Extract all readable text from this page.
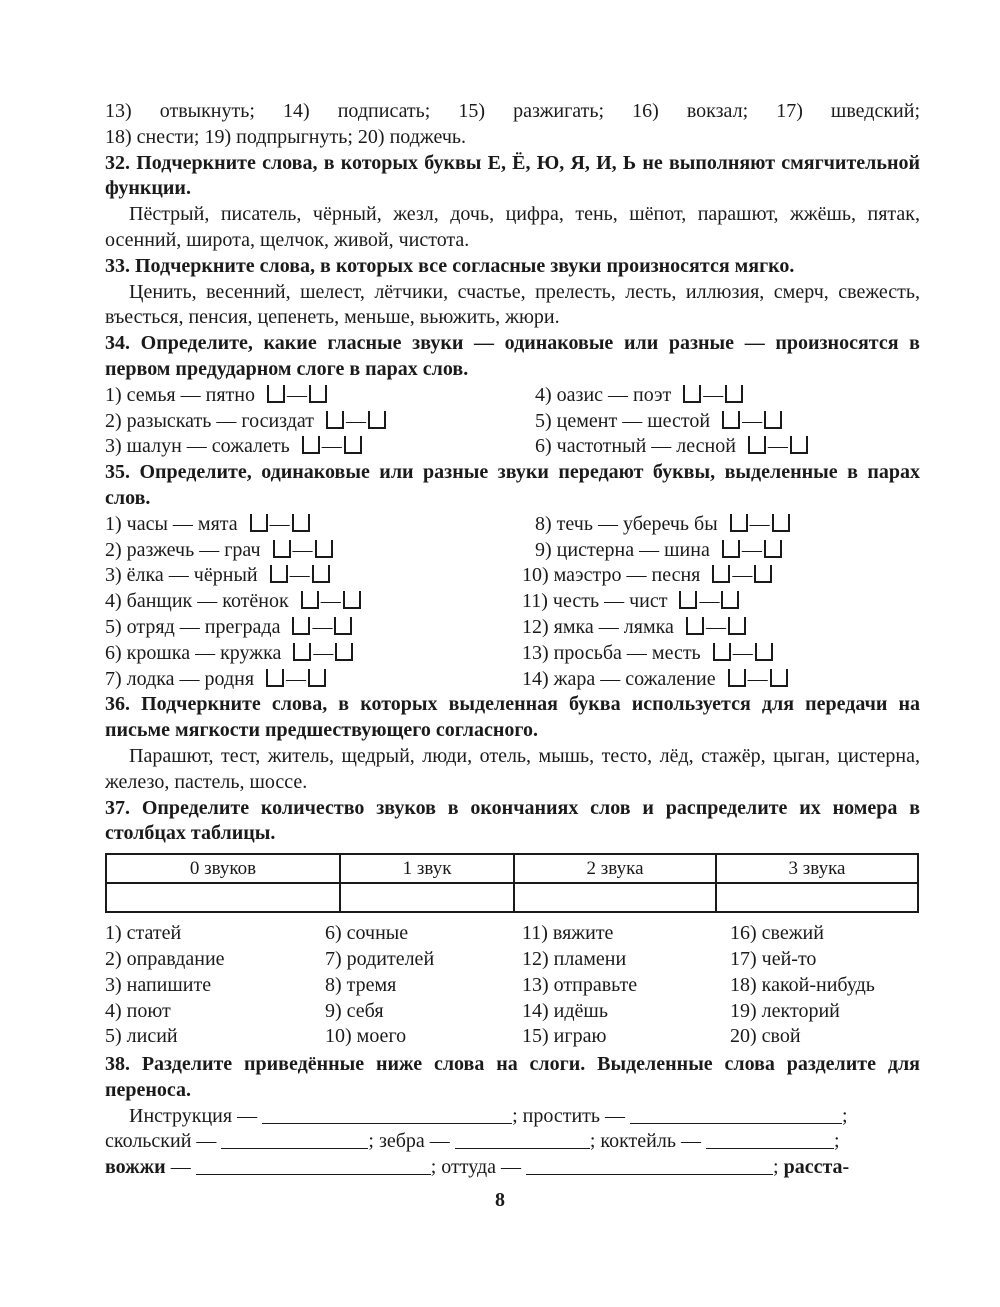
13) отвыкнуть; 14) подписать; 15) разжигать; 16) вокзал; 17) шведский;

18) снести; 19) подпрыгнуть; 20) поджечь.

32. Подчеркните слова, в которых буквы Е, Ё, Ю, Я, И, Ь не выполняют смягчительной функции.

Пёстрый, писатель, чёрный, жезл, дочь, цифра, тень, шёпот, парашют, жжёшь, пятак, осенний, широта, щелчок, живой, чистота.

33. Подчеркните слова, в которых все согласные звуки произносятся мягко.

Ценить, весенний, шелест, лётчики, счастье, прелесть, лесть, иллюзия, смерч, свежесть, въесться, пенсия, цепенеть, меньше, вьюжить, жюри.

34. Определите, какие гласные звуки — одинаковые или разные — произносятся в первом предударном слоге в парах слов.

1) семья — пятно —	4) оазис — поэт —
2) разыскать — госиздат —	5) цемент — шестой —
3) шалун — сожалеть —	6) частотный — лесной —

35. Определите, одинаковые или разные звуки передают буквы, выделенные в парах слов.

1) часы — мята —	8) течь — уберечь бы —
2) разжечь — грач —	9) цистерна — шина —
3) ёлка — чёрный —	10) маэстро — песня —
4) банщик — котёнок —	11) честь — чист —
5) отряд — преграда —	12) ямка — лямка —
6) крошка — кружка —	13) просьба — месть —
7) лодка — родня —	14) жара — сожаление —

36. Подчеркните слова, в которых выделенная буква используется для передачи на письме мягкости предшествующего согласного.

Парашют, тест, житель, щедрый, люди, отель, мышь, тесто, лёд, стажёр, цыган, цистерна, железо, пастель, шоссе.

37. Определите количество звуков в окончаниях слов и распределите их номера в столбцах таблицы.

0 звуков	1 звук	2 звука	3 звука

1) статей	6) сочные	11) вяжите	16) свежий
2) оправдание	7) родителей	12) пламени	17) чей-то
3) напишите	8) тремя	13) отправьте	18) какой-нибудь
4) поют	9) себя	14) идёшь	19) лекторий
5) лисий	10) моего	15) играю	20) свой

38. Разделите приведённые ниже слова на слоги. Выделенные слова разделите для переноса.

Инструкция —	; простить —	;
скольский —	; зебра —	; коктейль —	;
вожжи —	; оттуда —	; расста-
8
